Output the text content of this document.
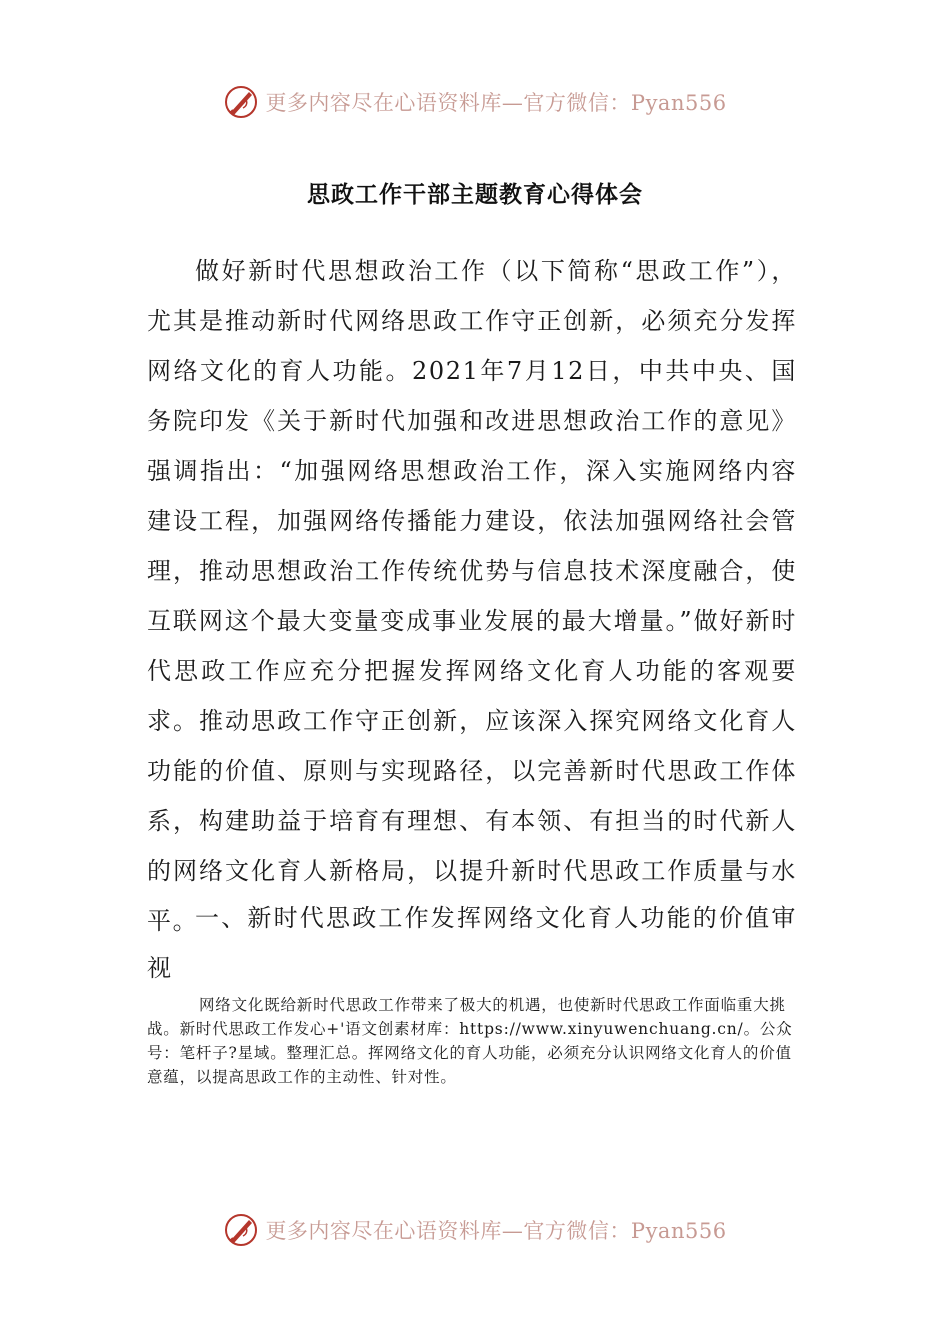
更多内容尽在心语资料库—官方微信：Pyan556
思政工作干部主题教育心得体会

做好新时代思想政治工作（以下简称“思政工作”），尤其是推动新时代网络思政工作守正创新，必须充分发挥网络文化的育人功能。2021年7月12日，中共中央、国务院印发《关于新时代加强和改进思想政治工作的意见》强调指出：“加强网络思想政治工作，深入实施网络内容建设工程，加强网络传播能力建设，依法加强网络社会管理，推动思想政治工作传统优势与信息技术深度融合，使互联网这个最大变量变成事业发展的最大增量。”做好新时代思政工作应充分把握发挥网络文化育人功能的客观要求。推动思政工作守正创新，应该深入探究网络文化育人功能的价值、原则与实现路径，以完善新时代思政工作体系，构建助益于培育有理想、有本领、有担当的时代新人的网络文化育人新格局，以提升新时代思政工作质量与水平。

一、新时代思政工作发挥网络文化育人功能的价值审视

网络文化既给新时代思政工作带来了极大的机遇，也使新时代思政工作面临重大挑战。新时代思政工作发心+'语文创素材库：https://www.xinyuwenchuang.cn/。公众号：笔杆子?星域。整理汇总。挥网络文化的育人功能，必须充分认识网络文化育人的价值意蕴，以提高思政工作的主动性、针对性。

更多内容尽在心语资料库—官方微信：Pyan556
